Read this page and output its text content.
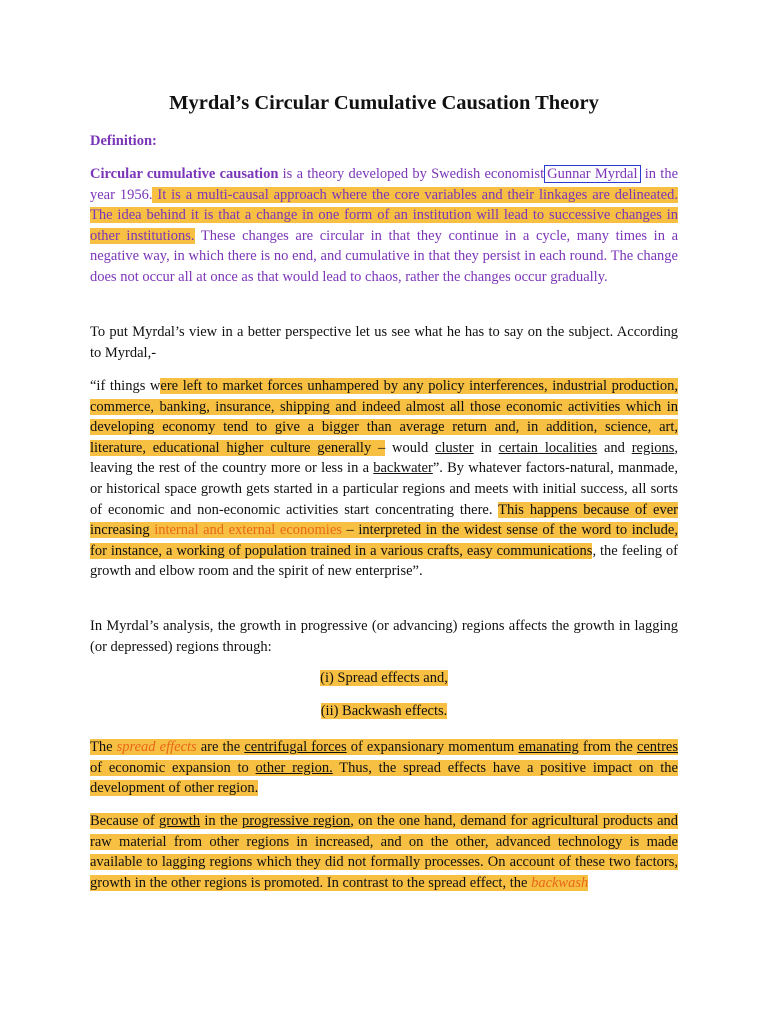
Myrdal’s Circular Cumulative Causation Theory
Definition:

Circular cumulative causation is a theory developed by Swedish economist Gunnar Myrdal in the year 1956. It is a multi-causal approach where the core variables and their linkages are delineated. The idea behind it is that a change in one form of an institution will lead to successive changes in other institutions. These changes are circular in that they continue in a cycle, many times in a negative way, in which there is no end, and cumulative in that they persist in each round. The change does not occur all at once as that would lead to chaos, rather the changes occur gradually.

To put Myrdal’s view in a better perspective let us see what he has to say on the subject. According to Myrdal,-

“if things were left to market forces unhampered by any policy interferences, industrial production, commerce, banking, insurance, shipping and indeed almost all those economic activities which in developing economy tend to give a bigger than average return and, in addition, science, art, literature, educational higher culture generally – would cluster in certain localities and regions, leaving the rest of the country more or less in a backwater”. By whatever factors-natural, manmade, or historical space growth gets started in a particular regions and meets with initial success, all sorts of economic and non-economic activities start concentrating there. This happens because of ever increasing internal and external economies – interpreted in the widest sense of the word to include, for instance, a working of population trained in a various crafts, easy communications, the feeling of growth and elbow room and the spirit of new enterprise”.

In Myrdal’s analysis, the growth in progressive (or advancing) regions affects the growth in lagging (or depressed) regions through:

(i) Spread effects and,
(ii) Backwash effects.

The spread effects are the centrifugal forces of expansionary momentum emanating from the centres of economic expansion to other region. Thus, the spread effects have a positive impact on the development of other region.

Because of growth in the progressive region, on the one hand, demand for agricultural products and raw material from other regions in increased, and on the other, advanced technology is made available to lagging regions which they did not formally processes. On account of these two factors, growth in the other regions is promoted. In contrast to the spread effect, the backwash
